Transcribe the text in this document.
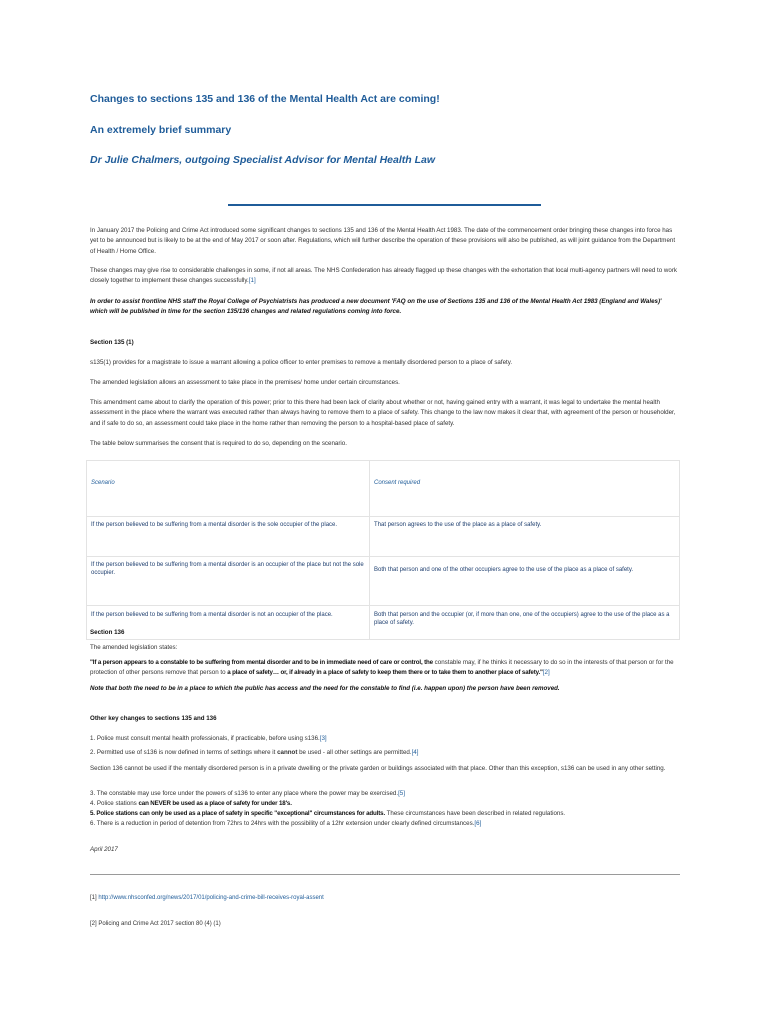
Changes to sections 135 and 136 of the Mental Health Act are coming!
An extremely brief summary
Dr Julie Chalmers, outgoing Specialist Advisor for Mental Health Law
In January 2017 the Policing and Crime Act introduced some significant changes to sections 135 and 136 of the Mental Health Act 1983. The date of the commencement order bringing these changes into force has yet to be announced but is likely to be at the end of May 2017 or soon after. Regulations, which will further describe the operation of these provisions will also be published, as will joint guidance from the Department of Health / Home Office.
These changes may give rise to considerable challenges in some, if not all areas. The NHS Confederation has already flagged up these changes with the exhortation that local multi-agency partners will need to work closely together to implement these changes successfully.[1]
In order to assist frontline NHS staff the Royal College of Psychiatrists has produced a new document 'FAQ on the use of Sections 135 and 136 of the Mental Health Act 1983 (England and Wales)' which will be published in time for the section 135/136 changes and related regulations coming into force.
Section 135 (1)
s135(1) provides for a magistrate to issue a warrant allowing a police officer to enter premises to remove a mentally disordered person to a place of safety.
The amended legislation allows an assessment to take place in the premises/ home under certain circumstances.
This amendment came about to clarify the operation of this power; prior to this there had been lack of clarity about whether or not, having gained entry with a warrant, it was legal to undertake the mental health assessment in the place where the warrant was executed rather than always having to remove them to a place of safety. This change to the law now makes it clear that, with agreement of the person or householder, and if safe to do so, an assessment could take place in the home rather than removing the person to a hospital-based place of safety.
The table below summarises the consent that is required to do so, depending on the scenario.
Scenario	Consent required
If the person believed to be suffering from a mental disorder is the sole occupier of the place.	That person agrees to the use of the place as a place of safety.
If the person believed to be suffering from a mental disorder is an occupier of the place but not the sole occupier.	Both that person and one of the other occupiers agree to the use of the place as a place of safety.
If the person believed to be suffering from a mental disorder is not an occupier of the place.	Both that person and the occupier (or, if more than one, one of the occupiers) agree to the use of the place as a place of safety.
Section 136
The amended legislation states:
"If a person appears to a constable to be suffering from mental disorder and to be in immediate need of care or control, the constable may, if he thinks it necessary to do so in the interests of that person or for the protection of other persons remove that person to a place of safety… or, if already in a place of safety to keep them there or to take them to another place of safety."[2]
Note that both the need to be in a place to which the public has access and the need for the constable to find (i.e. happen upon) the person have been removed.
Other key changes to sections 135 and 136
1. Police must consult mental health professionals, if practicable, before using s136.[3]
2. Permitted use of s136 is now defined in terms of settings where it cannot be used - all other settings are permitted.[4]
Section 136 cannot be used if the mentally disordered person is in a private dwelling or the private garden or buildings associated with that place. Other than this exception, s136 can be used in any other setting.
3. The constable may use force under the powers of s136 to enter any place where the power may be exercised.[5]
4. Police stations can NEVER be used as a place of safety for under 18's.
5. Police stations can only be used as a place of safety in specific "exceptional" circumstances for adults. These circumstances have been described in related regulations.
6. There is a reduction in period of detention from 72hrs to 24hrs with the possibility of a 12hr extension under clearly defined circumstances.[6]
April 2017
[1] http://www.nhsconfed.org/news/2017/01/policing-and-crime-bill-receives-royal-assent
[2] Policing and Crime Act 2017 section 80 (4) (1)
